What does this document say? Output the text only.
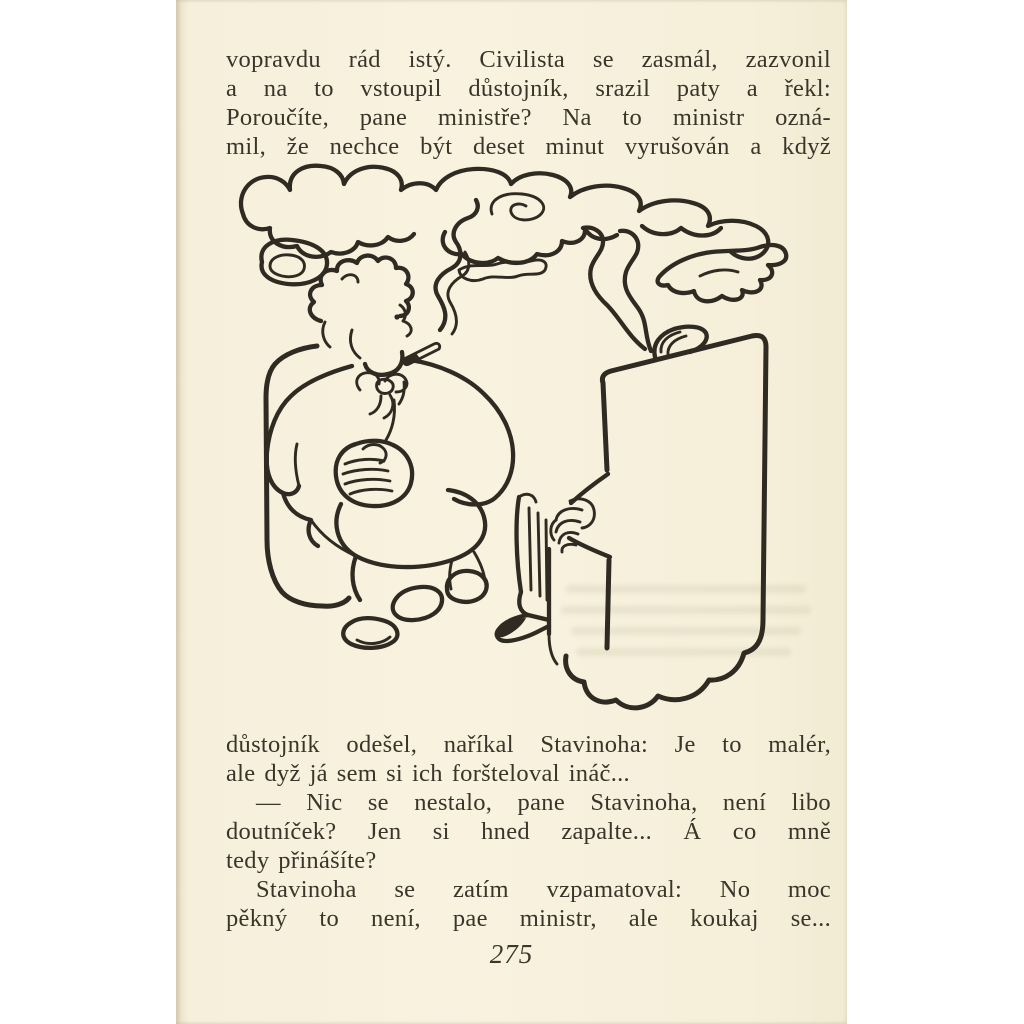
vopravdu rád istý. Civilista se zasmál, zazvonil
a na to vstoupil důstojník, srazil paty a řekl:
Poroučíte, pane ministře? Na to ministr ozná-
mil, že nechce být deset minut vyrušován a když
důstojník odešel, naříkal Stavinoha: Je to malér,
ale dyž já sem si ich foršteloval ináč...
— Nic se nestalo, pane Stavinoha, není libo
doutníček? Jen si hned zapalte... Á co mně
tedy přinášíte?
Stavinoha se zatím vzpamatoval: No moc
pěkný to není, pae ministr, ale koukaj se...
275
